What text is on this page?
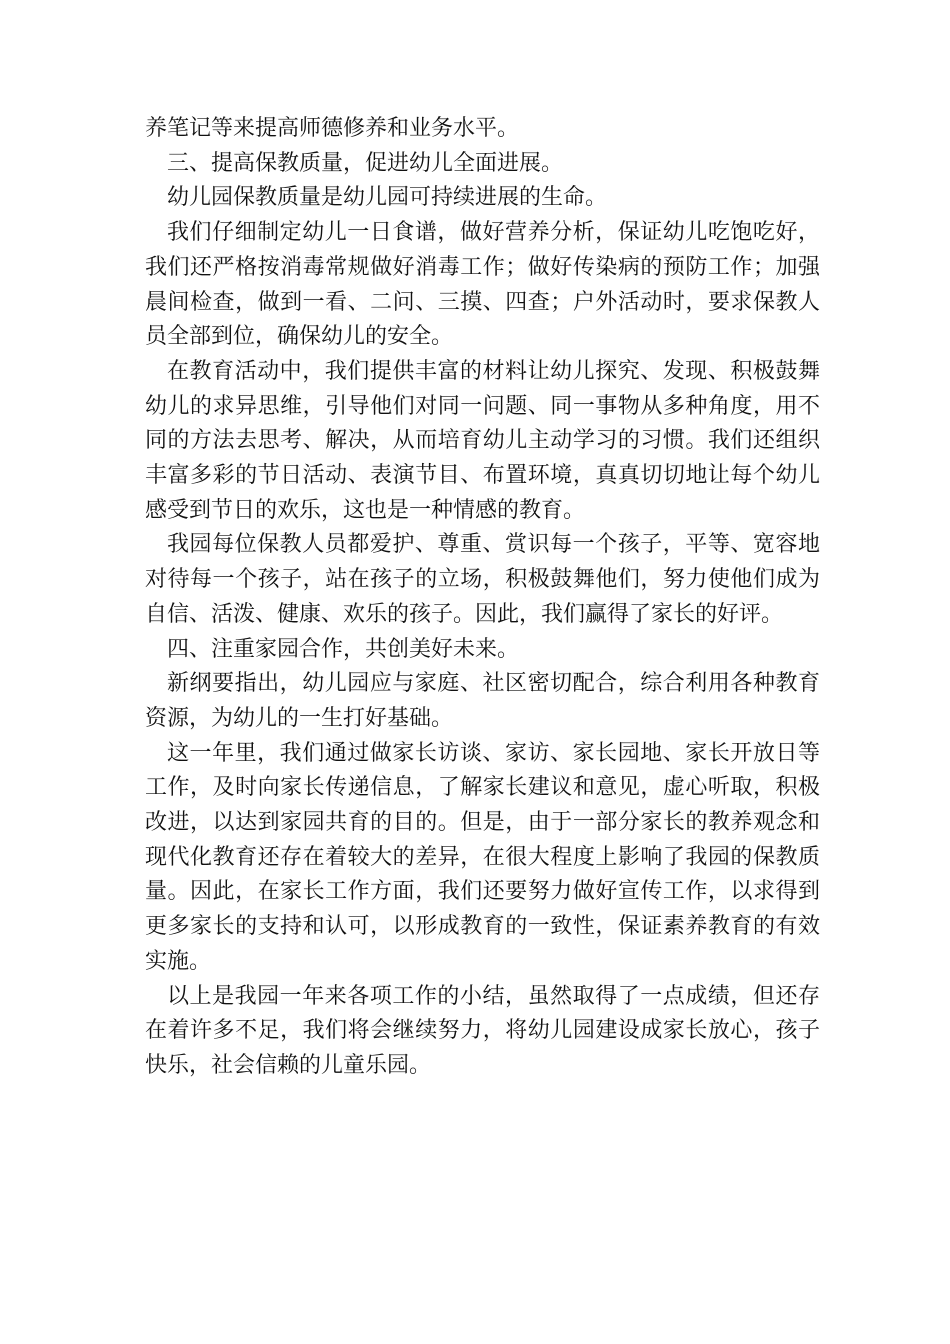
养笔记等来提高师德修养和业务水平。

三、提高保教质量，促进幼儿全面进展。

幼儿园保教质量是幼儿园可持续进展的生命。

我们仔细制定幼儿一日食谱，做好营养分析，保证幼儿吃饱吃好，我们还严格按消毒常规做好消毒工作；做好传染病的预防工作；加强晨间检查，做到一看、二问、三摸、四查；户外活动时，要求保教人员全部到位，确保幼儿的安全。

在教育活动中，我们提供丰富的材料让幼儿探究、发现、积极鼓舞幼儿的求异思维，引导他们对同一问题、同一事物从多种角度，用不同的方法去思考、解决，从而培育幼儿主动学习的习惯。我们还组织丰富多彩的节日活动、表演节目、布置环境，真真切切地让每个幼儿感受到节日的欢乐，这也是一种情感的教育。

我园每位保教人员都爱护、尊重、赏识每一个孩子，平等、宽容地对待每一个孩子，站在孩子的立场，积极鼓舞他们，努力使他们成为自信、活泼、健康、欢乐的孩子。因此，我们赢得了家长的好评。

四、注重家园合作，共创美好未来。

新纲要指出，幼儿园应与家庭、社区密切配合，综合利用各种教育资源，为幼儿的一生打好基础。

这一年里，我们通过做家长访谈、家访、家长园地、家长开放日等工作，及时向家长传递信息，了解家长建议和意见，虚心听取，积极改进，以达到家园共育的目的。但是，由于一部分家长的教养观念和现代化教育还存在着较大的差异，在很大程度上影响了我园的保教质量。因此，在家长工作方面，我们还要努力做好宣传工作，以求得到更多家长的支持和认可，以形成教育的一致性，保证素养教育的有效实施。

以上是我园一年来各项工作的小结，虽然取得了一点成绩，但还存在着许多不足，我们将会继续努力，将幼儿园建设成家长放心，孩子快乐，社会信赖的儿童乐园。
